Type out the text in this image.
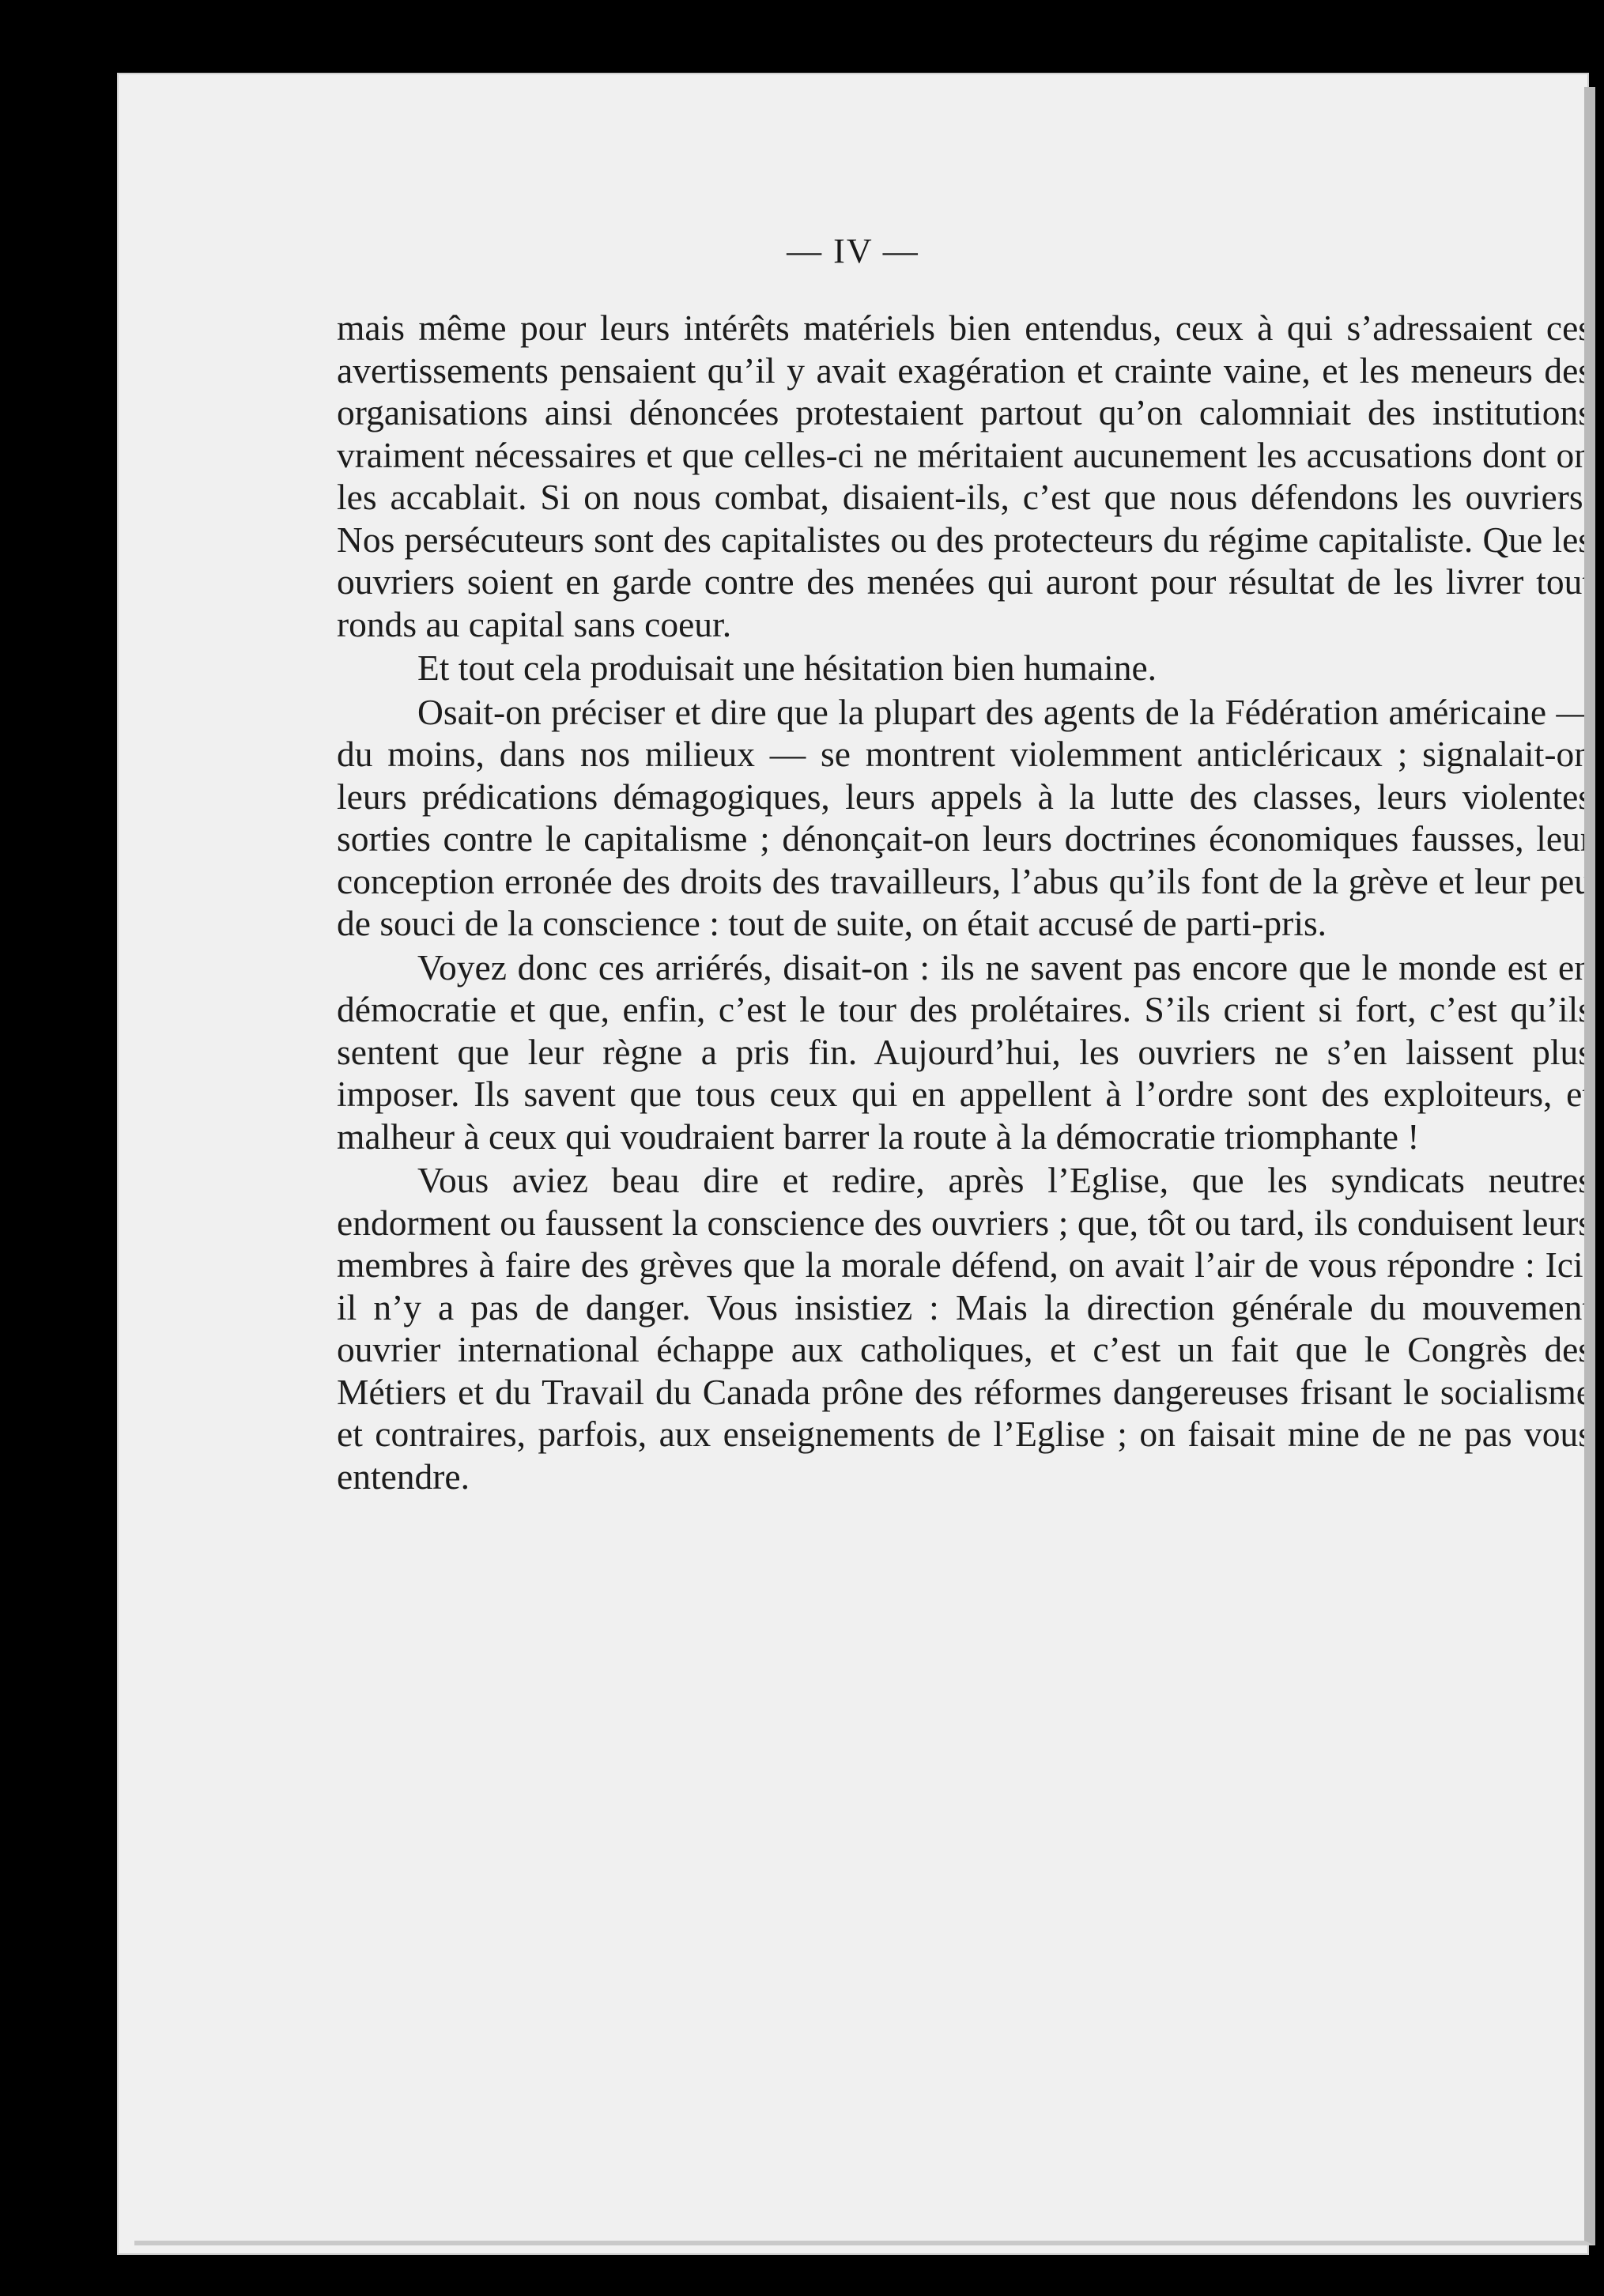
— IV —

mais même pour leurs intérêts matériels bien entendus, ceux à qui s’adressaient ces avertissements pensaient qu’il y avait exagération et crainte vaine, et les meneurs des organisations ainsi dénoncées protestaient partout qu’on calomniait des institutions vraiment nécessaires et que celles-ci ne méritaient aucunement les accusations dont on les accablait. Si on nous combat, disaient-ils, c’est que nous défendons les ouvriers. Nos persécuteurs sont des capitalistes ou des protecteurs du régime capitaliste. Que les ouvriers soient en garde contre des menées qui auront pour résultat de les livrer tout ronds au capital sans coeur.

Et tout cela produisait une hésitation bien humaine.

Osait-on préciser et dire que la plupart des agents de la Fédération américaine — du moins, dans nos milieux — se montrent violemment anticléricaux ; signalait-on leurs prédications démagogiques, leurs appels à la lutte des classes, leurs violentes sorties contre le capitalisme ; dénonçait-on leurs doctrines économiques fausses, leur conception erronée des droits des travailleurs, l’abus qu’ils font de la grève et leur peu de souci de la conscience : tout de suite, on était accusé de parti-pris.

Voyez donc ces arriérés, disait-on : ils ne savent pas encore que le monde est en démocratie et que, enfin, c’est le tour des prolétaires. S’ils crient si fort, c’est qu’ils sentent que leur règne a pris fin. Aujourd’hui, les ouvriers ne s’en laissent plus imposer. Ils savent que tous ceux qui en appellent à l’ordre sont des exploiteurs, et malheur à ceux qui voudraient barrer la route à la démocratie triomphante !

Vous aviez beau dire et redire, après l’Eglise, que les syndicats neutres endorment ou faussent la conscience des ouvriers ; que, tôt ou tard, ils conduisent leurs membres à faire des grèves que la morale défend, on avait l’air de vous répondre : Ici, il n’y a pas de danger. Vous insistiez : Mais la direction générale du mouvement ouvrier international échappe aux catholiques, et c’est un fait que le Congrès des Métiers et du Travail du Canada prône des réformes dangereuses frisant le socialisme et contraires, parfois, aux enseignements de l’Eglise ; on faisait mine de ne pas vous entendre.
